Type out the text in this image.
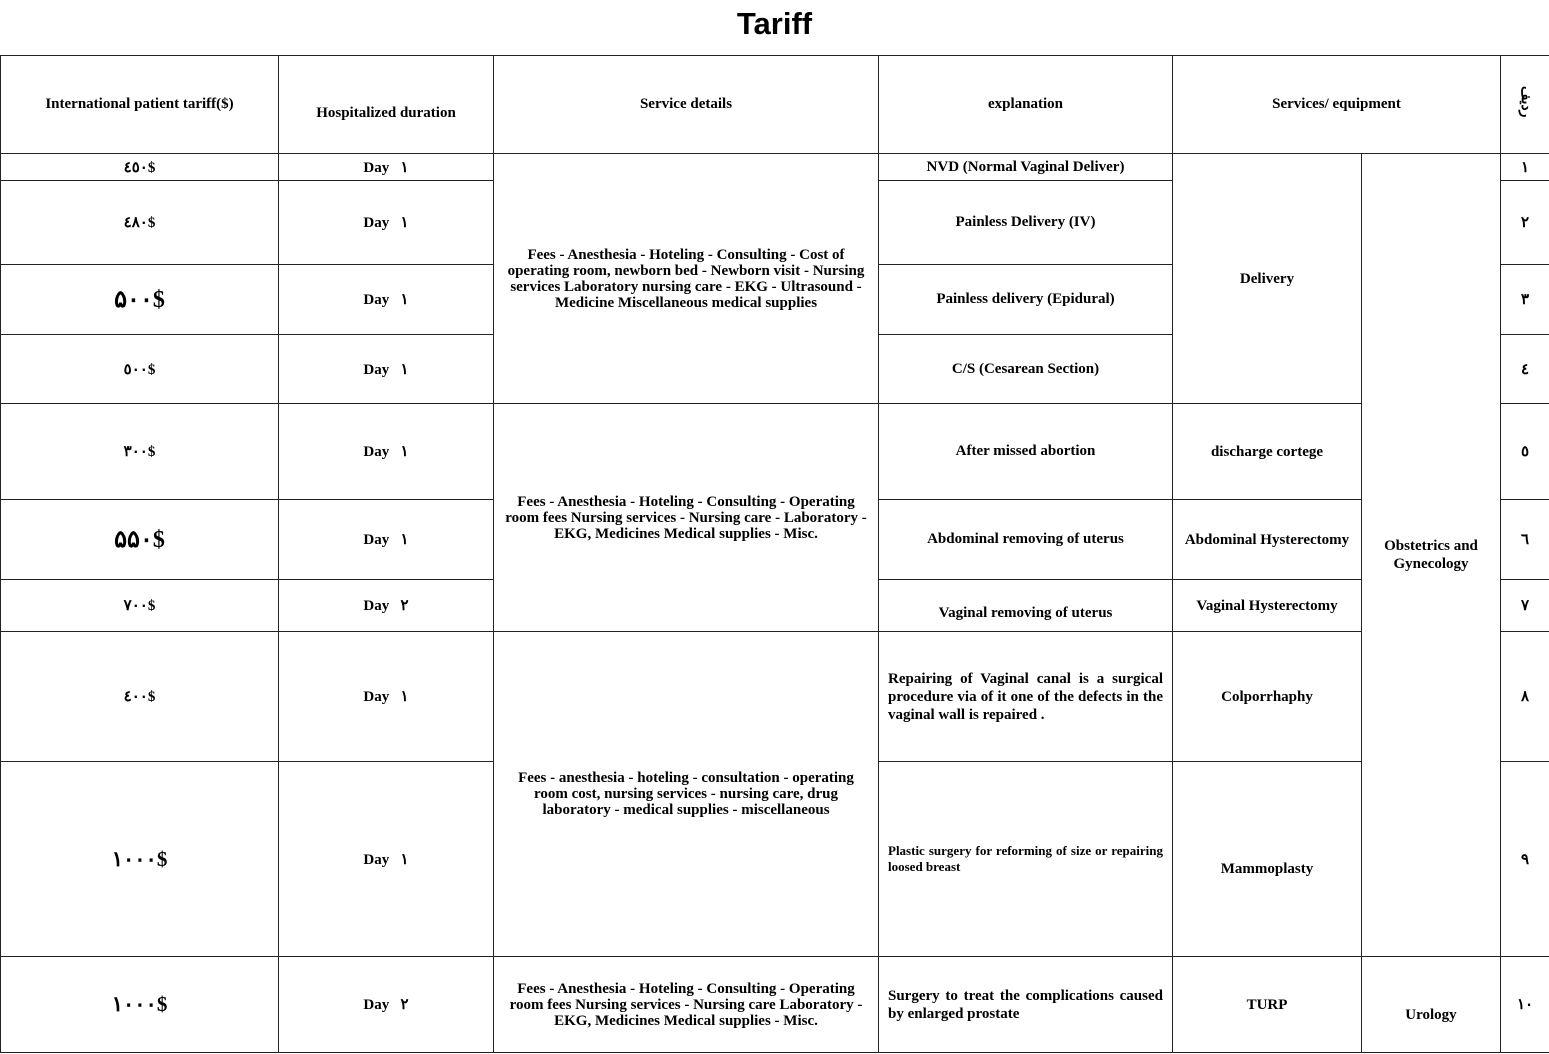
Tariff
International patient tariff($)	Hospitalized duration	Service details	explanation	Services/ equipment		ردیف
٤٥٠$	Day ١	Fees - Anesthesia - Hoteling - Consulting - Cost of operating room, newborn bed - Newborn visit - Nursing services Laboratory nursing care - EKG - Ultrasound - Medicine Miscellaneous medical supplies	NVD (Normal Vaginal Deliver)	Delivery	Obstetrics and Gynecology	١
٤٨٠$	Day ١		Painless Delivery (IV)			٢
۵۰۰$	Day ١		Painless delivery (Epidural)			٣
٥٠٠$	Day ١		C/S (Cesarean Section)			٤
٣٠٠$	Day ١	Fees - Anesthesia - Hoteling - Consulting - Operating room fees Nursing services - Nursing care - Laboratory - EKG, Medicines Medical supplies - Misc.	After missed abortion	discharge cortege		٥
۵۵۰$	Day ١		Abdominal removing of uterus	Abdominal Hysterectomy		٦
٧٠٠$	Day ٢		Vaginal removing of uterus	Vaginal Hysterectomy		٧
٤٠٠$	Day ١	Fees - anesthesia - hoteling - consultation - operating room cost, nursing services - nursing care, drug laboratory - medical supplies - miscellaneous	Repairing of Vaginal canal is a surgical procedure via of it one of the defects in the vaginal wall is repaired .	Colporrhaphy		٨
١٠٠٠$	Day ١		Plastic surgery for reforming of size or repairing loosed breast	Mammoplasty		٩
١٠٠٠$	Day ٢	Fees - Anesthesia - Hoteling - Consulting - Operating room fees Nursing services - Nursing care Laboratory - EKG, Medicines Medical supplies - Misc.	Surgery to treat the complications caused by enlarged prostate	TURP	Urology	١٠
